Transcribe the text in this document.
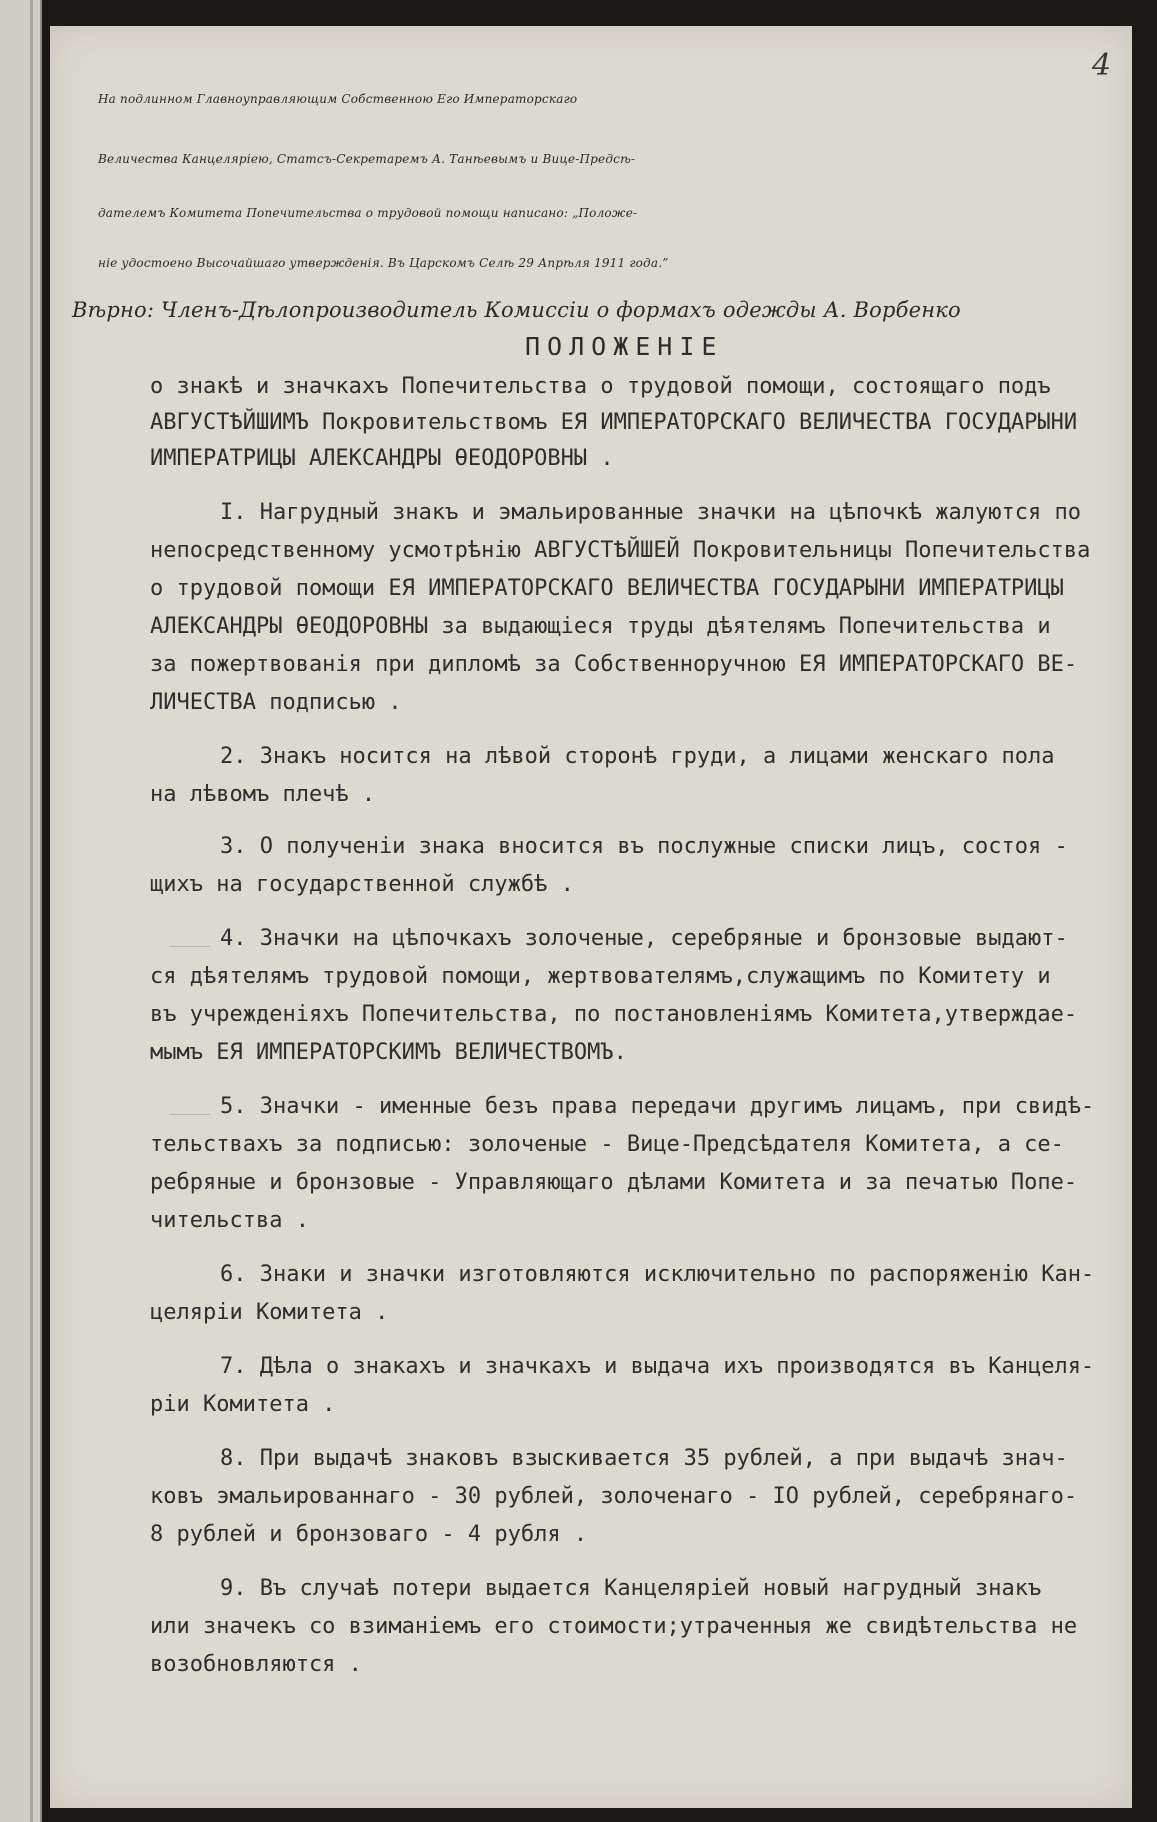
4
На подлинном Главноуправляющим Собственною Его Императорскаго
Величества Канцеляріею, Статсъ-Секретаремъ А. Танѣевымъ и Вице-Предсѣ-
дателемъ Комитета Попечительства о трудовой помощи написано: „Положе-
ніе удостоено Высочайшаго утвержденія. Въ Царскомъ Селѣ 29 Апрѣля 1911 года.”
Вѣрно: Членъ-Дѣлопроизводитель Комиссіи о формахъ одежды А. Ворбенко
ПОЛОЖЕНІЕ
о знакѣ и значкахъ Попечительства о трудовой помощи, состоящаго подъ
АВГУСТѢЙШИМЪ Покровительствомъ ЕЯ ИМПЕРАТОРСКАГО ВЕЛИЧЕСТВА ГОСУДАРЫНИ
ИМПЕРАТРИЦЫ АЛЕКСАНДРЫ ѲЕОДОРОВНЫ .
I. Нагрудный знакъ и эмальированные значки на цѣпочкѣ жалуются по
непосредственному усмотрѣнію АВГУСТѢЙШЕЙ Покровительницы Попечительства
о трудовой помощи ЕЯ ИМПЕРАТОРСКАГО ВЕЛИЧЕСТВА ГОСУДАРЫНИ ИМПЕРАТРИЦЫ
АЛЕКСАНДРЫ ѲЕОДОРОВНЫ за выдающіеся труды дѣятелямъ Попечительства и
за пожертвованія при дипломѣ за Собственноручною ЕЯ ИМПЕРАТОРСКАГО ВЕ-
ЛИЧЕСТВА подписью .
2. Знакъ носится на лѣвой сторонѣ груди, а лицами женскаго пола
на лѣвомъ плечѣ .
3. О полученіи знака вносится въ послужные списки лицъ, состоя -
щихъ на государственной службѣ .
4. Значки на цѣпочкахъ золоченые, серебряные и бронзовые выдают-
ся дѣятелямъ трудовой помощи, жертвователямъ,служащимъ по Комитету и
въ учрежденіяхъ Попечительства, по постановленіямъ Комитета,утверждае-
мымъ ЕЯ ИМПЕРАТОРСКИМЪ ВЕЛИЧЕСТВОМЪ.
5. Значки - именные безъ права передачи другимъ лицамъ, при свидѣ-
тельствахъ за подписью: золоченые - Вице-Предсѣдателя Комитета, а се-
ребряные и бронзовые - Управляющаго дѣлами Комитета и за печатью Попе-
чительства .
6. Знаки и значки изготовляются исключительно по распоряженію Кан-
целяріи Комитета .
7. Дѣла о знакахъ и значкахъ и выдача ихъ производятся въ Канцеля-
ріи Комитета .
8. При выдачѣ знаковъ взыскивается 35 рублей, а при выдачѣ знач-
ковъ эмальированнаго - 30 рублей, золоченаго - IO рублей, серебрянаго-
8 рублей и бронзоваго - 4 рубля .
9. Въ случаѣ потери выдается Канцеляріей новый нагрудный знакъ
или значекъ со взиманіемъ его стоимости;утраченныя же свидѣтельства не
возобновляются .
